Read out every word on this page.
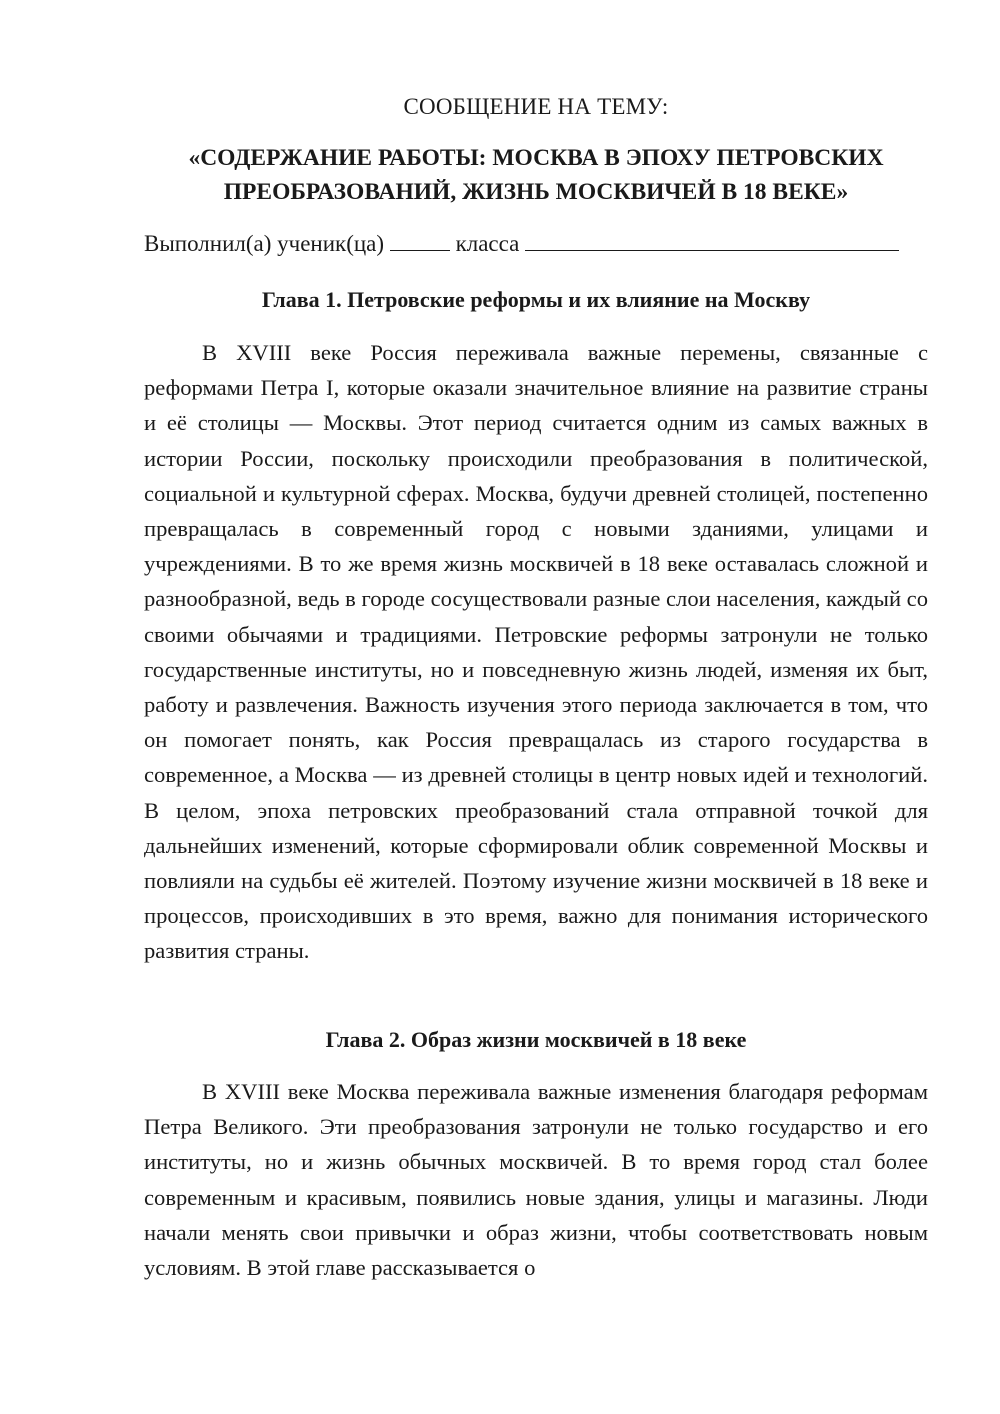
СООБЩЕНИЕ НА ТЕМУ:
«СОДЕРЖАНИЕ РАБОТЫ: МОСКВА В ЭПОХУ ПЕТРОВСКИХ ПРЕОБРАЗОВАНИЙ, ЖИЗНЬ МОСКВИЧЕЙ В 18 ВЕКЕ»
Выполнил(а) ученик(ца)	класса
Глава 1. Петровские реформы и их влияние на Москву
В XVIII веке Россия переживала важные перемены, связанные с реформами Петра I, которые оказали значительное влияние на развитие страны и её столицы — Москвы. Этот период считается одним из самых важных в истории России, поскольку происходили преобразования в политической, социальной и культурной сферах. Москва, будучи древней столицей, постепенно превращалась в современный город с новыми зданиями, улицами и учреждениями. В то же время жизнь москвичей в 18 веке оставалась сложной и разнообразной, ведь в городе сосуществовали разные слои населения, каждый со своими обычаями и традициями. Петровские реформы затронули не только государственные институты, но и повседневную жизнь людей, изменяя их быт, работу и развлечения. Важность изучения этого периода заключается в том, что он помогает понять, как Россия превращалась из старого государства в современное, а Москва — из древней столицы в центр новых идей и технологий. В целом, эпоха петровских преобразований стала отправной точкой для дальнейших изменений, которые сформировали облик современной Москвы и повлияли на судьбы её жителей. Поэтому изучение жизни москвичей в 18 веке и процессов, происходивших в это время, важно для понимания исторического развития страны.
Глава 2. Образ жизни москвичей в 18 веке
В XVIII веке Москва переживала важные изменения благодаря реформам Петра Великого. Эти преобразования затронули не только государство и его институты, но и жизнь обычных москвичей. В то время город стал более современным и красивым, появились новые здания, улицы и магазины. Люди начали менять свои привычки и образ жизни, чтобы соответствовать новым условиям. В этой главе рассказывается о
